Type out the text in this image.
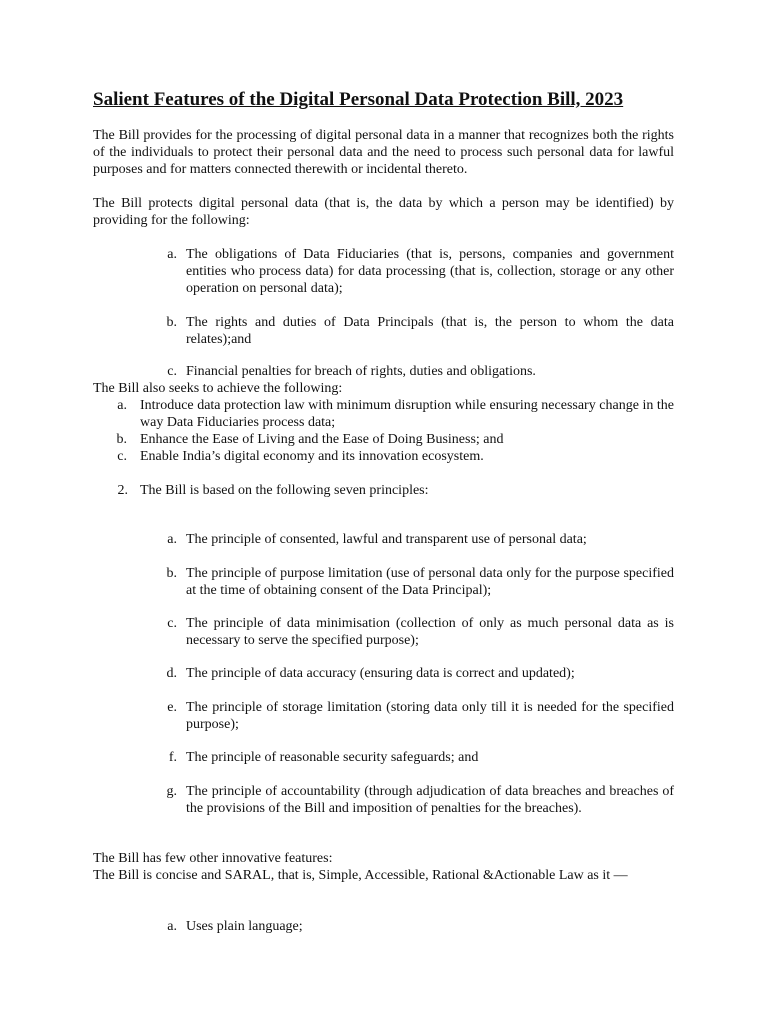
Salient Features of the Digital Personal Data Protection Bill, 2023
The Bill provides for the processing of digital personal data in a manner that recognizes both the rights of the individuals to protect their personal data and the need to process such personal data for lawful purposes and for matters connected therewith or incidental thereto.
The Bill protects digital personal data (that is, the data by which a person may be identified) by providing for the following:
a. The obligations of Data Fiduciaries (that is, persons, companies and government entities who process data) for data processing (that is, collection, storage or any other operation on personal data);
b. The rights and duties of Data Principals (that is, the person to whom the data relates);and
c. Financial penalties for breach of rights, duties and obligations.
The Bill also seeks to achieve the following:
a. Introduce data protection law with minimum disruption while ensuring necessary change in the way Data Fiduciaries process data;
b. Enhance the Ease of Living and the Ease of Doing Business; and
c. Enable India’s digital economy and its innovation ecosystem.
2. The Bill is based on the following seven principles:
a. The principle of consented, lawful and transparent use of personal data;
b. The principle of purpose limitation (use of personal data only for the purpose specified at the time of obtaining consent of the Data Principal);
c. The principle of data minimisation (collection of only as much personal data as is necessary to serve the specified purpose);
d. The principle of data accuracy (ensuring data is correct and updated);
e. The principle of storage limitation (storing data only till it is needed for the specified purpose);
f. The principle of reasonable security safeguards; and
g. The principle of accountability (through adjudication of data breaches and breaches of the provisions of the Bill and imposition of penalties for the breaches).
The Bill has few other innovative features:
The Bill is concise and SARAL, that is, Simple, Accessible, Rational &Actionable Law as it —
a. Uses plain language;
